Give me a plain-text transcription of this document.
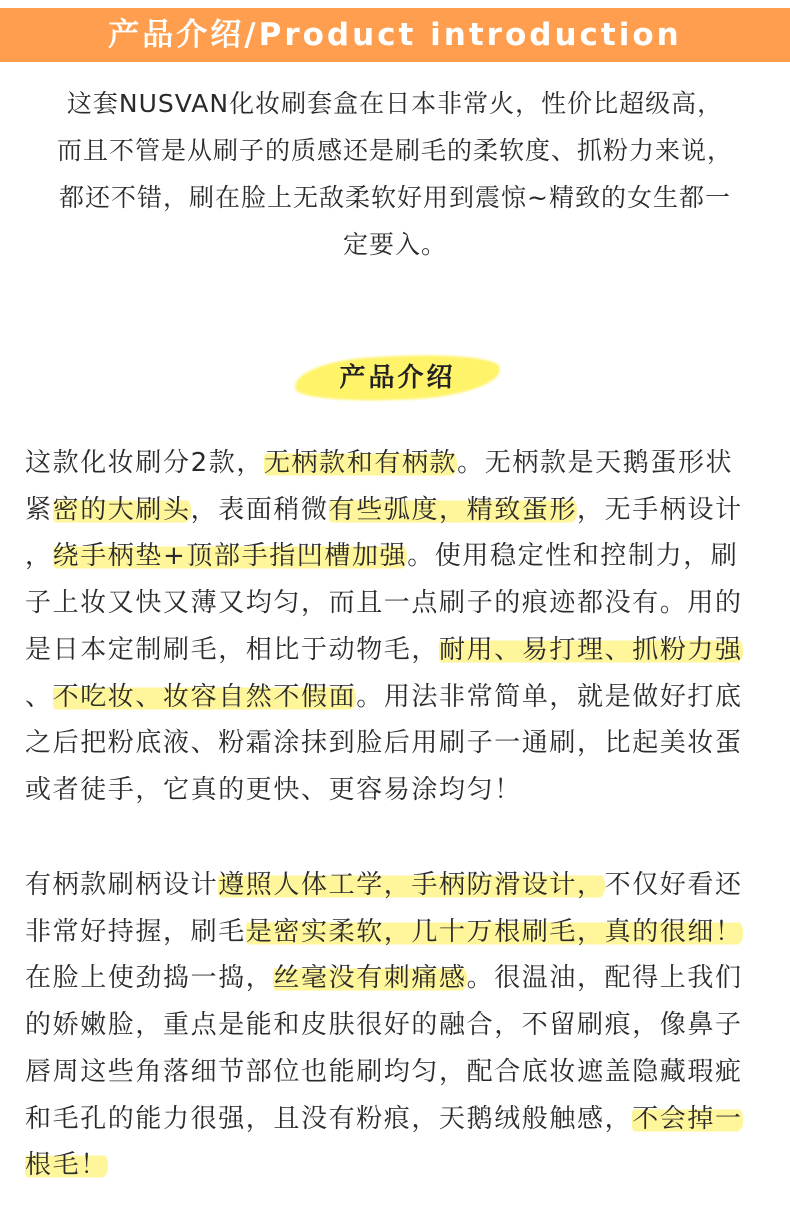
产品介绍/Product introduction
这套NUSVAN化妆刷套盒在日本非常火，性价比超级高，
而且不管是从刷子的质感还是刷毛的柔软度、抓粉力来说，
都还不错，刷在脸上无敌柔软好用到震惊~精致的女生都一
定要入。
产品介绍
这款化妆刷分2款，无柄款和有柄款。无柄款是天鹅蛋形状
紧密的大刷头，表面稍微有些弧度，精致蛋形，无手柄设计
，绕手柄垫+顶部手指凹槽加强。使用稳定性和控制力，刷
子上妆又快又薄又均匀，而且一点刷子的痕迹都没有。用的
是日本定制刷毛，相比于动物毛，耐用、易打理、抓粉力强
、不吃妆、妆容自然不假面。用法非常简单，就是做好打底
之后把粉底液、粉霜涂抹到脸后用刷子一通刷，比起美妆蛋
或者徒手，它真的更快、更容易涂均匀！
有柄款刷柄设计遵照人体工学，手柄防滑设计，不仅好看还
非常好持握，刷毛是密实柔软，几十万根刷毛，真的很细！
在脸上使劲捣一捣，丝毫没有刺痛感。很温油，配得上我们
的娇嫩脸，重点是能和皮肤很好的融合，不留刷痕，像鼻子
唇周这些角落细节部位也能刷均匀，配合底妆遮盖隐藏瑕疵
和毛孔的能力很强，且没有粉痕，天鹅绒般触感，不会掉一
根毛！
